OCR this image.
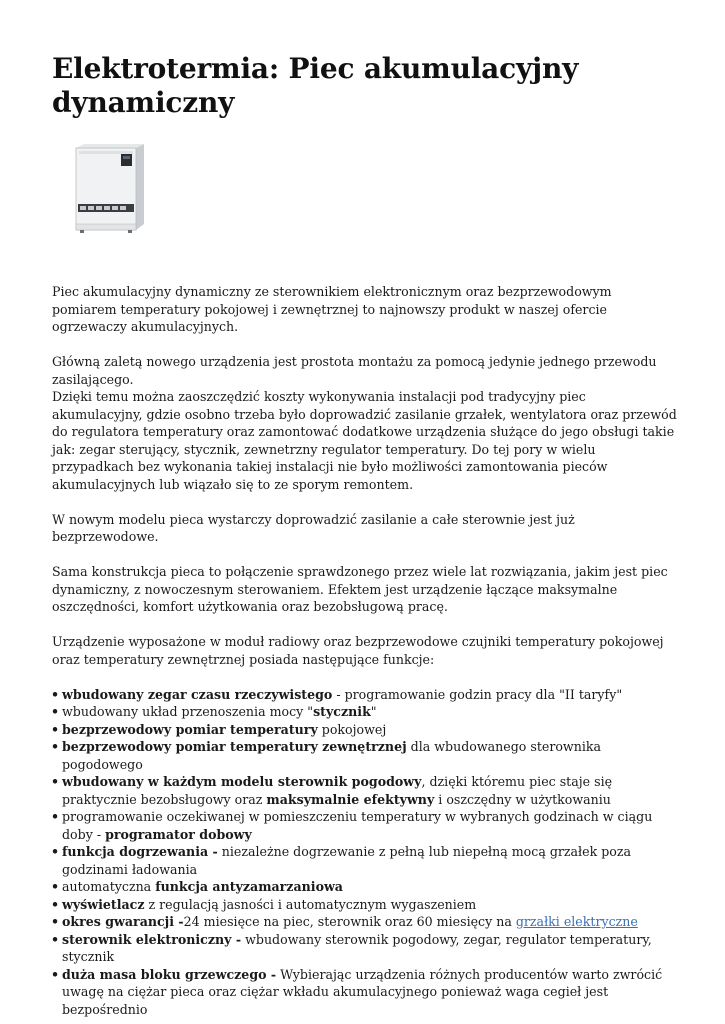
Elektrotermia: Piec akumulacyjny dynamiczny

Piec akumulacyjny dynamiczny ze sterownikiem elektronicznym oraz bezprzewodowym pomiarem temperatury pokojowej i zewnętrznej to najnowszy produkt w naszej ofercie ogrzewaczy akumulacyjnych.

Główną zaletą nowego urządzenia jest prostota montażu za pomocą jedynie jednego przewodu zasilającego.

Dzięki temu można zaoszczędzić koszty wykonywania instalacji pod tradycyjny piec akumulacyjny, gdzie osobno trzeba było doprowadzić zasilanie grzałek, wentylatora oraz przewód do regulatora temperatury oraz zamontować dodatkowe urządzenia służące do jego obsługi takie jak: zegar sterujący, stycznik, zewnetrzny regulator temperatury. Do tej pory w wielu przypadkach bez wykonania takiej instalacji nie było możliwości zamontowania pieców akumulacyjnych lub wiązało się to ze sporym remontem.

W nowym modelu pieca wystarczy doprowadzić zasilanie a całe sterownie jest już bezprzewodowe.

Sama konstrukcja pieca to połączenie sprawdzonego przez wiele lat rozwiązania, jakim jest piec dynamiczny, z nowoczesnym sterowaniem. Efektem jest urządzenie łączące maksymalne oszczędności, komfort użytkowania oraz bezobsługową pracę.

Urządzenie wyposażone w moduł radiowy oraz bezprzewodowe czujniki temperatury pokojowej oraz temperatury zewnętrznej posiada następujące funkcje:

• wbudowany zegar czasu rzeczywistego - programowanie godzin pracy dla "II taryfy"
• wbudowany układ przenoszenia mocy "stycznik"
• bezprzewodowy pomiar temperatury pokojowej
• bezprzewodowy pomiar temperatury zewnętrznej dla wbudowanego sterownika pogodowego
• wbudowany w każdym modelu sterownik pogodowy, dzięki któremu piec staje się praktycznie bezobsługowy oraz maksymalnie efektywny i oszczędny w użytkowaniu
• programowanie oczekiwanej w pomieszczeniu temperatury w wybranych godzinach w ciągu doby - programator dobowy
• funkcja dogrzewania - niezależne dogrzewanie z pełną lub niepełną mocą grzałek poza godzinami ładowania
• automatyczna funkcja antyzamarzaniowa
• wyświetlacz z regulacją jasności i automatycznym wygaszeniem
• okres gwarancji -24 miesięce na piec, sterownik oraz 60 miesięcy na grzałki elektryczne
• sterownik elektroniczny - wbudowany sterownik pogodowy, zegar, regulator temperatury, stycznik
• duża masa bloku grzewczego - Wybierając urządzenia różnych producentów warto zwrócić uwagę na ciężar pieca oraz ciężar wkładu akumulacyjnego ponieważ waga cegieł jest bezpośrednio
